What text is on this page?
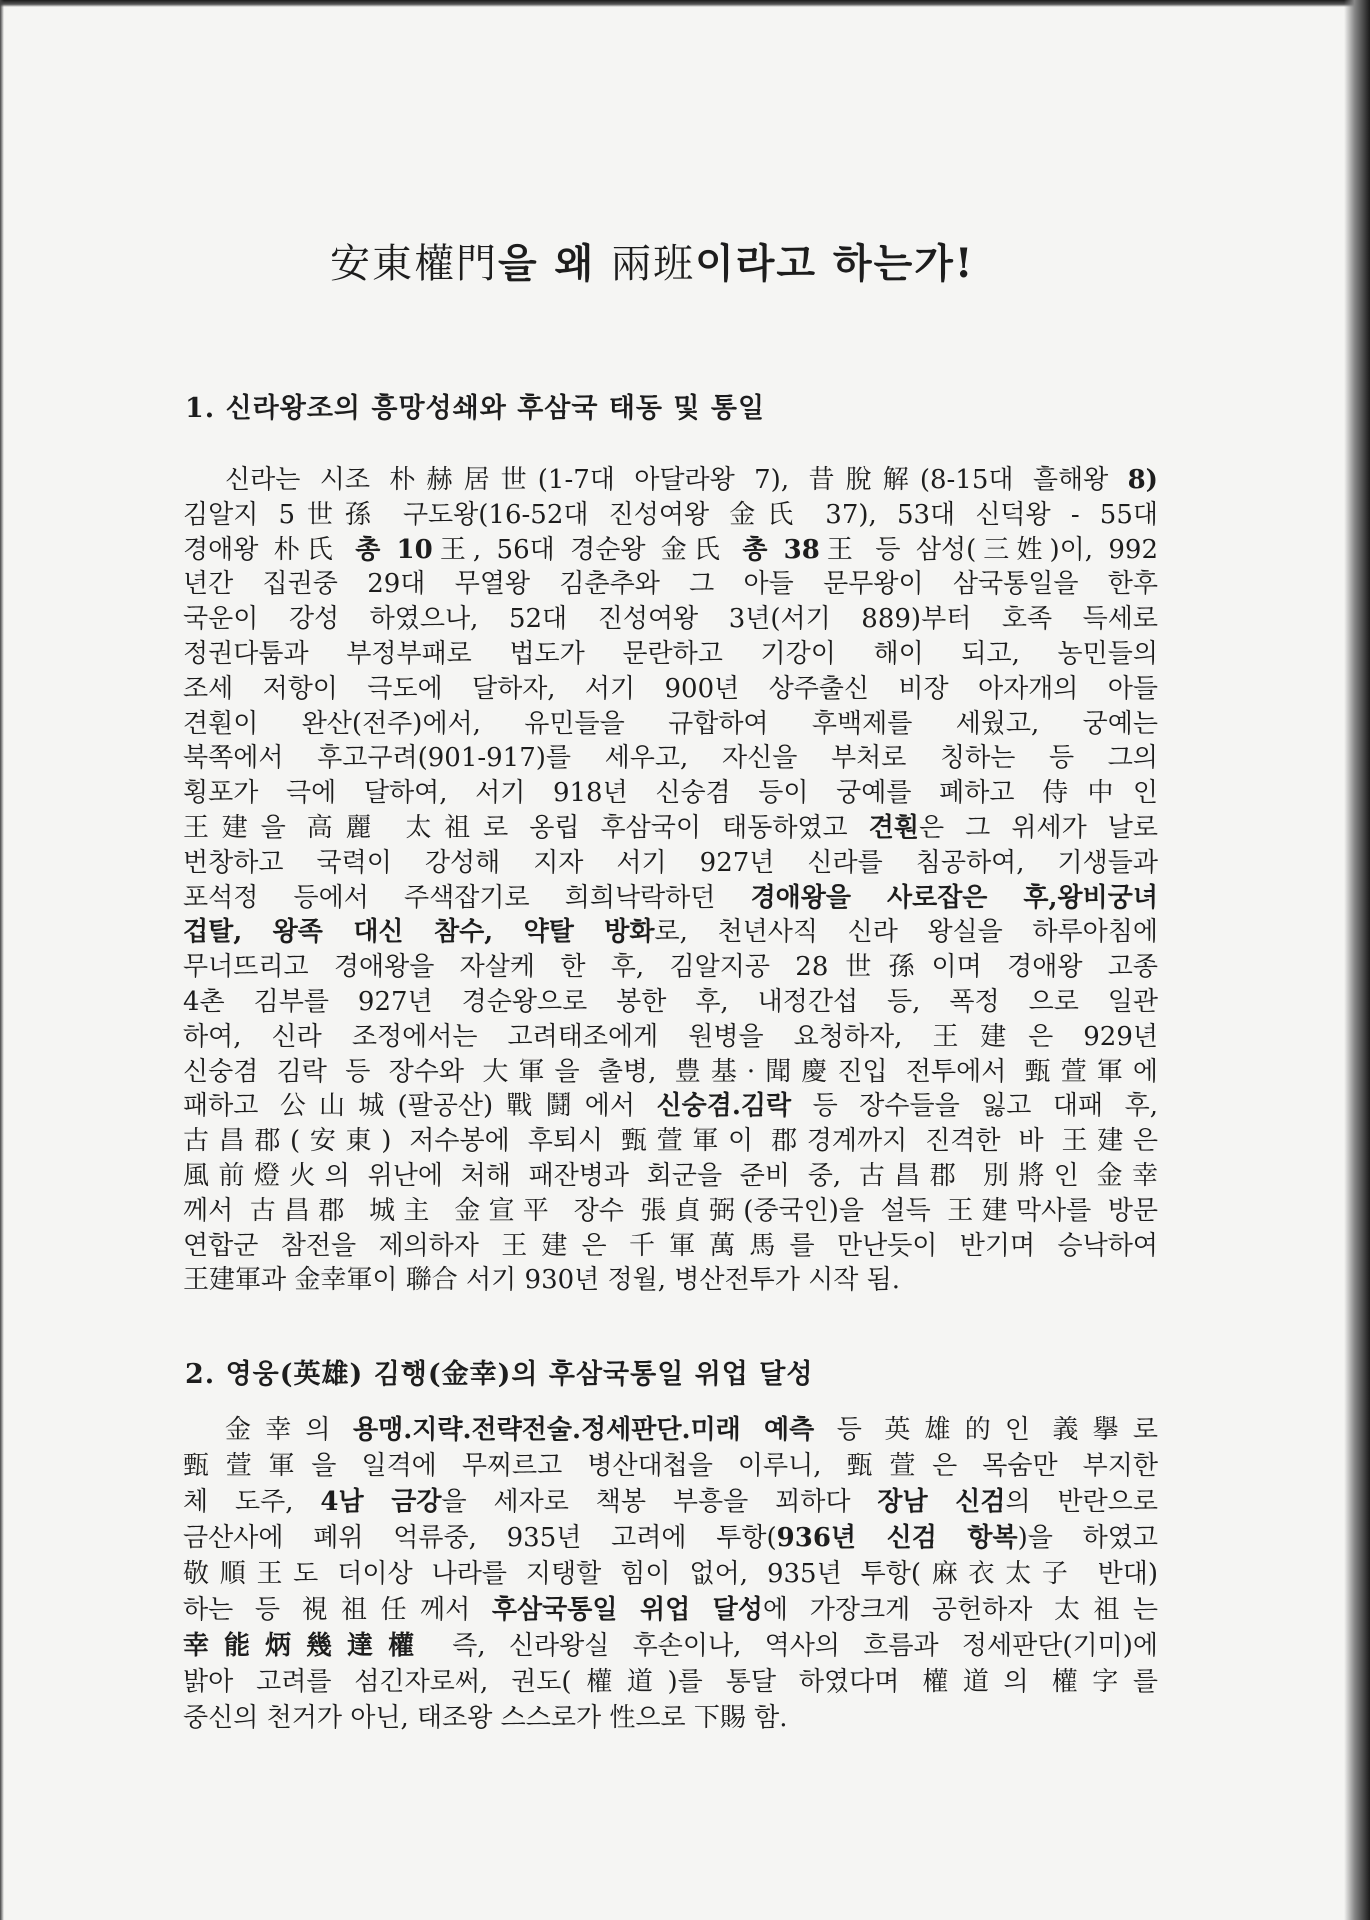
安東權門을 왜 兩班이라고 하는가!
1. 신라왕조의 흥망성쇄와 후삼국 태동 및 통일
신라는 시조 朴赫居世(1-7대 아달라왕 7), 昔脫解(8-15대 흘해왕 8)
김알지 5世孫 구도왕(16-52대 진성여왕 金氏 37), 53대 신덕왕 - 55대
경애왕 朴氏 총 10王, 56대 경순왕 金氏 총 38王 등 삼성(三姓)이, 992
년간 집권중 29대 무열왕 김춘추와 그 아들 문무왕이 삼국통일을 한후
국운이 강성 하였으나, 52대 진성여왕 3년(서기 889)부터 호족 득세로
정권다툼과 부정부패로 법도가 문란하고 기강이 해이 되고, 농민들의
조세 저항이 극도에 달하자, 서기 900년 상주출신 비장 아자개의 아들
견훤이 완산(전주)에서, 유민들을 규합하여 후백제를 세웠고, 궁예는
북쪽에서 후고구려(901-917)를 세우고, 자신을 부처로 칭하는 등 그의
횡포가 극에 달하여, 서기 918년 신숭겸 등이 궁예를 폐하고 侍中인
王建을 高麗 太祖로 옹립 후삼국이 태동하였고 견훤은 그 위세가 날로
번창하고 국력이 강성해 지자 서기 927년 신라를 침공하여, 기생들과
포석정 등에서 주색잡기로 희희낙락하던 경애왕을 사로잡은 후,왕비궁녀
겁탈, 왕족 대신 참수, 약탈 방화로, 천년사직 신라 왕실을 하루아침에
무너뜨리고 경애왕을 자살케 한 후, 김알지공 28世孫이며 경애왕 고종
4촌 김부를 927년 경순왕으로 봉한 후, 내정간섭 등, 폭정 으로 일관
하여, 신라 조정에서는 고려태조에게 원병을 요청하자, 王建은 929년
신숭겸 김락 등 장수와 大軍을 출병, 豊基·聞慶진입 전투에서 甄萱軍에
패하고 公山城(팔공산)戰鬪에서 신숭겸.김락 등 장수들을 잃고 대패 후,
古昌郡(安東) 저수봉에 후퇴시 甄萱軍이 郡경계까지 진격한 바 王建은
風前燈火의 위난에 처해 패잔병과 회군을 준비 중, 古昌郡 別將인 金幸
께서 古昌郡 城主 金宣平 장수 張貞弼(중국인)을 설득 王建막사를 방문
연합군 참전을 제의하자 王建은 千軍萬馬를 만난듯이 반기며 승낙하여
王建軍과 金幸軍이 聯合 서기 930년 정월, 병산전투가 시작 됨.
2. 영웅(英雄) 김행(金幸)의 후삼국통일 위업 달성
金幸의 용맹.지략.전략전술.정세판단.미래 예측 등 英雄的인 義擧로
甄萱軍을 일격에 무찌르고 병산대첩을 이루니, 甄萱은 목숨만 부지한
체 도주, 4남 금강을 세자로 책봉 부흥을 꾀하다 장남 신검의 반란으로
금산사에 폐위 억류중, 935년 고려에 투항(936년 신검 항복)을 하였고
敬順王도 더이상 나라를 지탱할 힘이 없어, 935년 투항(麻衣太子 반대)
하는 등 視祖任께서 후삼국통일 위업 달성에 가장크게 공헌하자 太祖는
幸能炳幾達權 즉, 신라왕실 후손이나, 역사의 흐름과 정세판단(기미)에
밝아 고려를 섬긴자로써, 권도(權道)를 통달 하였다며 權道의 權字를
중신의 천거가 아닌, 태조왕 스스로가 性으로 下賜 함.
